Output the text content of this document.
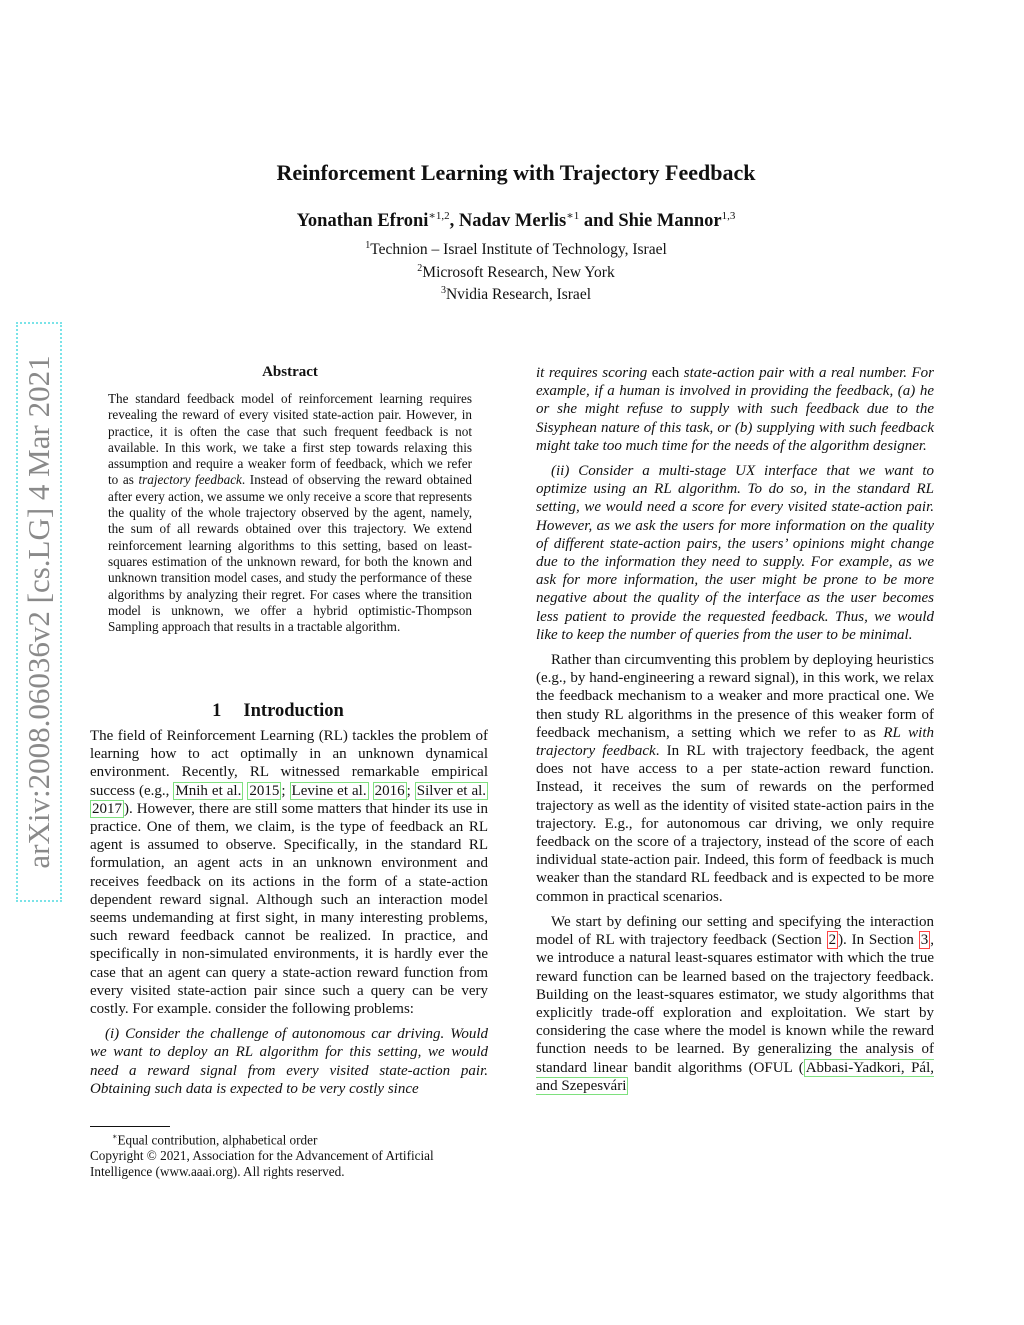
Reinforcement Learning with Trajectory Feedback
Yonathan Efroni$^{∗1,2}$, Nadav Merlis$^{∗1}$ and Shie Mannor$^{1,3}$
$^1$Technion – Israel Institute of Technology, Israel
$^2$Microsoft Research, New York
$^3$Nvidia Research, Israel
arXiv:2008.06036v2 [cs.LG] 4 Mar 2021	Abstract
The standard feedback model of reinforcement learning requires revealing the reward of every visited state-action pair. However, in practice, it is often the case that such frequent feedback is not available. In this work, we take a first step towards relaxing this assumption and require a weaker form of feedback, which we refer to as trajectory feedback. Instead of observing the reward obtained after every action, we assume we only receive a score that represents the quality of the whole trajectory observed by the agent, namely, the sum of all rewards obtained over this trajectory. We extend reinforcement learning algorithms to this setting, based on least-squares estimation of the unknown reward, for both the known and unknown transition model cases, and study the performance of these algorithms by analyzing their regret. For cases where the transition model is unknown, we offer a hybrid optimistic-Thompson Sampling approach that results in a tractable algorithm.
1 Introduction

The field of Reinforcement Learning (RL) tackles the problem of learning how to act optimally in an unknown dynamical environment. Recently, RL witnessed remarkable empirical success (e.g., Mnih et al. 2015 ; Levine et al. 2016 ; Silver et al. 2017 ). However, there are still some matters that hinder its use in practice. One of them, we claim, is the type of feedback an RL agent is assumed to observe. Specifically, in the standard RL formulation, an agent acts in an unknown environment and receives feedback on its actions in the form of a state-action dependent reward signal. Although such an interaction model seems undemanding at first sight, in many interesting problems, such reward feedback cannot be realized. In practice, and specifically in non-simulated environments, it is hardly ever the case that an agent can query a state-action reward function from every visited state-action pair since such a query can be very costly. For example. consider the following problems:

(i) Consider the challenge of autonomous car driving. Would we want to deploy an RL algorithm for this setting, we would need a reward signal from every visited state-action pair. Obtaining such data is expected to be very costly since

∗Equal contribution, alphabetical order
Copyright © 2021, Association for the Advancement of Artificial Intelligence (www.aaai.org). All rights reserved.

it requires scoring each state-action pair with a real number. For example, if a human is involved in providing the feedback, (a) he or she might refuse to supply with such feedback due to the Sisyphean nature of this task, or (b) supplying with such feedback might take too much time for the needs of the algorithm designer.

(ii) Consider a multi-stage UX interface that we want to optimize using an RL algorithm. To do so, in the standard RL setting, we would need a score for every visited state-action pair. However, as we ask the users for more information on the quality of different state-action pairs, the users’ opinions might change due to the information they need to supply. For example, as we ask for more information, the user might be prone to be more negative about the quality of the interface as the user becomes less patient to provide the requested feedback. Thus, we would like to keep the number of queries from the user to be minimal.

Rather than circumventing this problem by deploying heuristics (e.g., by hand-engineering a reward signal), in this work, we relax the feedback mechanism to a weaker and more practical one. We then study RL algorithms in the presence of this weaker form of feedback mechanism, a setting which we refer to as RL with trajectory feedback. In RL with trajectory feedback, the agent does not have access to a per state-action reward function. Instead, it receives the sum of rewards on the performed trajectory as well as the identity of visited state-action pairs in the trajectory. E.g., for autonomous car driving, we only require feedback on the score of a trajectory, instead of the score of each individual state-action pair. Indeed, this form of feedback is much weaker than the standard RL feedback and is expected to be more common in practical scenarios.

We start by defining our setting and specifying the interaction model of RL with trajectory feedback (Section 2 ). In Section 3 , we introduce a natural least-squares estimator with which the true reward function can be learned based on the trajectory feedback. Building on the least-squares estimator, we study algorithms that explicitly trade-off exploration and exploitation. We start by considering the case where the model is known while the reward function needs to be learned. By generalizing the analysis of standard linear bandit algorithms (OFUL ( Abbasi-Yadkori, Pál, and Szepesvári
